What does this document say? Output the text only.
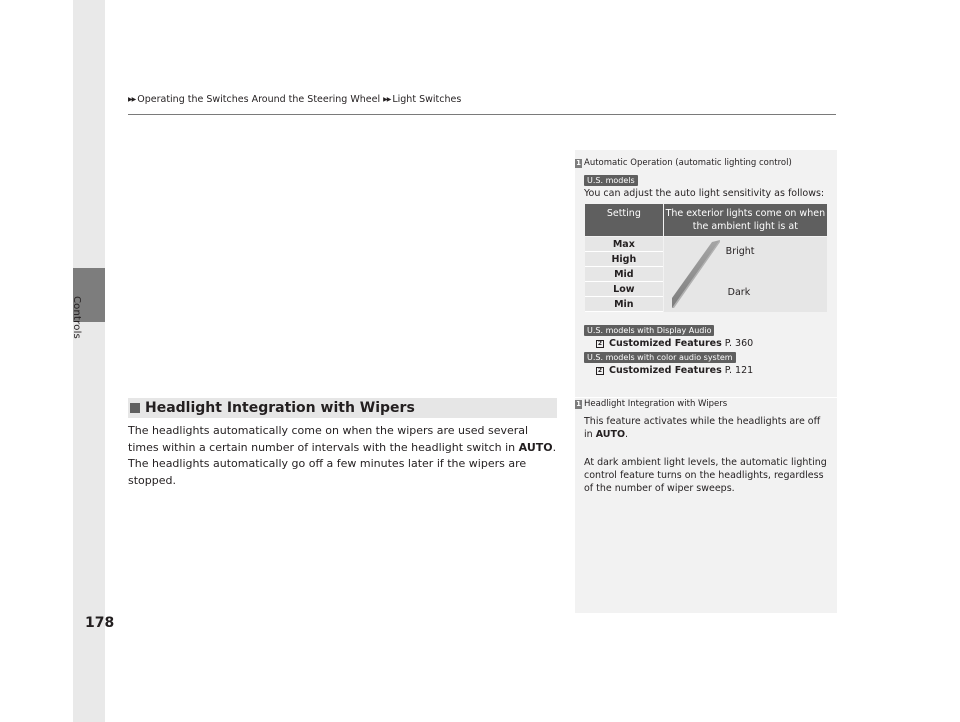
Controls
178
▶▶ Operating the Switches Around the Steering Wheel ▶▶ Light Switches
1 Automatic Operation (automatic lighting control)
U.S. models
You can adjust the auto light sensitivity as follows:
Setting	The exterior lights come on when the ambient light is at
Max
High
Mid
Low
Min
Bright
Dark
U.S. models with Display Audio
2 Customized Features P. 360
U.S. models with color audio system
2 Customized Features P. 121
1 Headlight Integration with Wipers
This feature activates while the headlights are off in AUTO.
At dark ambient light levels, the automatic lighting control feature turns on the headlights, regardless of the number of wiper sweeps.
Headlight Integration with Wipers

The headlights automatically come on when the wipers are used several times within a certain number of intervals with the headlight switch in AUTO.

The headlights automatically go off a few minutes later if the wipers are stopped.
